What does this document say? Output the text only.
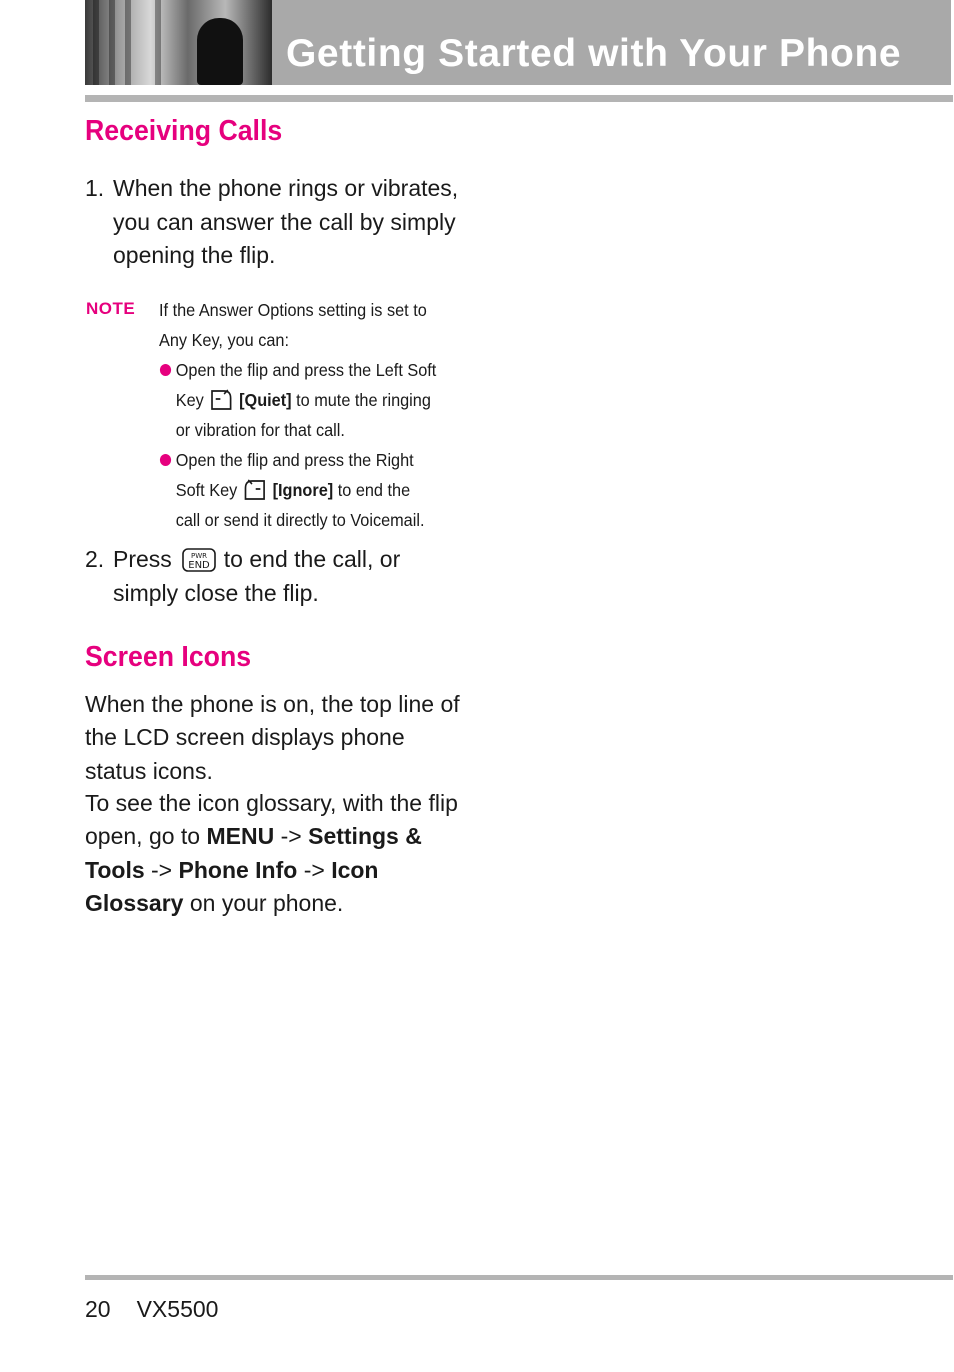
Getting Started with Your Phone
Receiving Calls
1. When the phone rings or vibrates, you can answer the call by simply opening the flip.
NOTE If the Answer Options setting is set to Any Key, you can:
Open the flip and press the Left Soft Key [Quiet] to mute the ringing or vibration for that call.
Open the flip and press the Right Soft Key [Ignore] to end the call or send it directly to Voicemail.
2. Press	PWR
END to end the call, or simply close the flip.
Screen Icons
When the phone is on, the top line of the LCD screen displays phone status icons.
To see the icon glossary, with the flip open, go to MENU -> Settings & Tools -> Phone Info -> Icon Glossary on your phone.
20 VX5500
